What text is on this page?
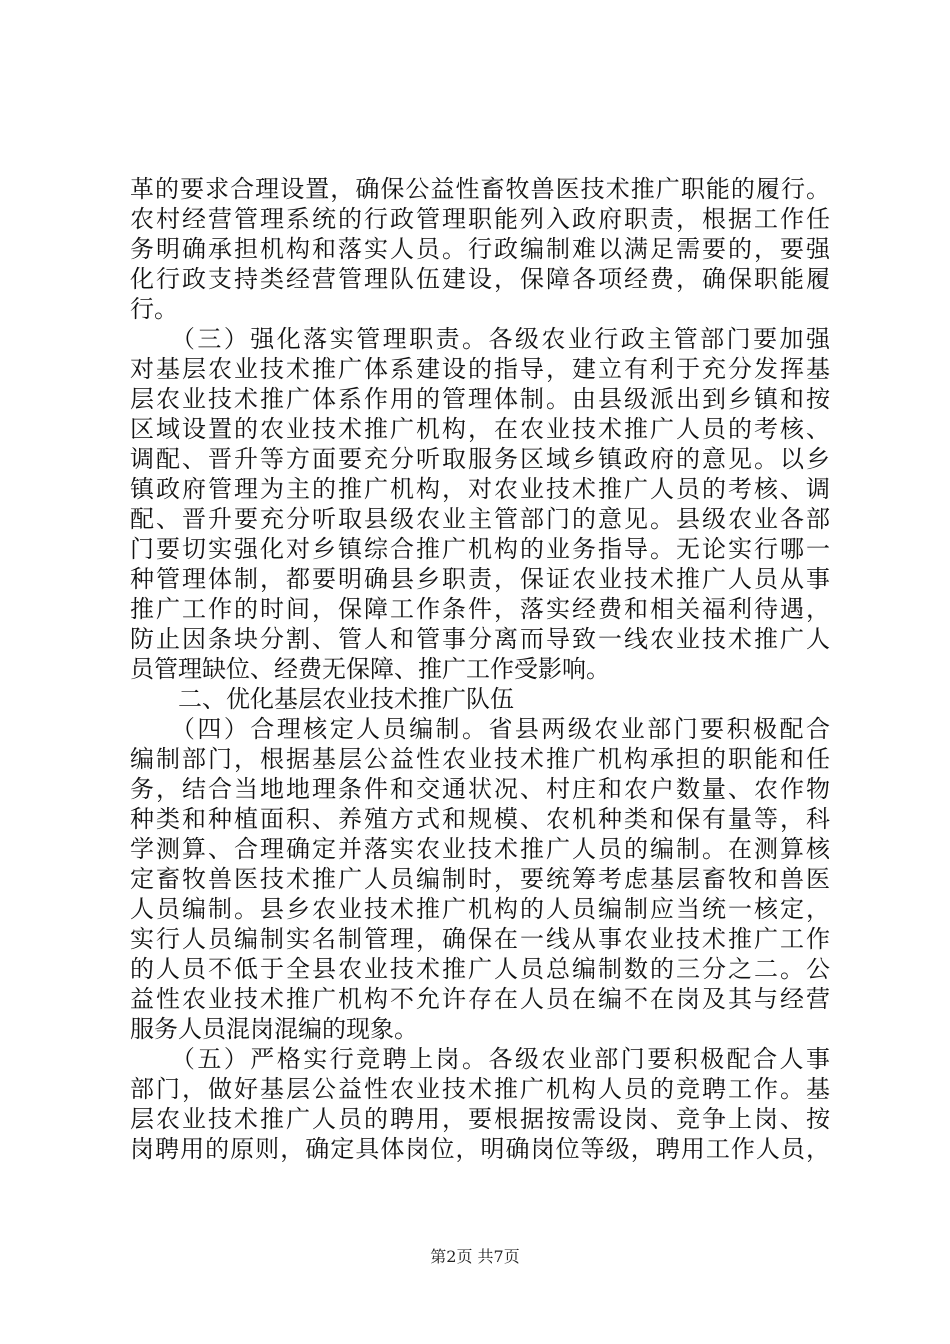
革的要求合理设置，确保公益性畜牧兽医技术推广职能的履行。
农村经营管理系统的行政管理职能列入政府职责，根据工作任
务明确承担机构和落实人员。行政编制难以满足需要的，要强
化行政支持类经营管理队伍建设，保障各项经费，确保职能履
行。
　　（三）强化落实管理职责。各级农业行政主管部门要加强
对基层农业技术推广体系建设的指导，建立有利于充分发挥基
层农业技术推广体系作用的管理体制。由县级派出到乡镇和按
区域设置的农业技术推广机构，在农业技术推广人员的考核、
调配、晋升等方面要充分听取服务区域乡镇政府的意见。以乡
镇政府管理为主的推广机构，对农业技术推广人员的考核、调
配、晋升要充分听取县级农业主管部门的意见。县级农业各部
门要切实强化对乡镇综合推广机构的业务指导。无论实行哪一
种管理体制，都要明确县乡职责，保证农业技术推广人员从事
推广工作的时间，保障工作条件，落实经费和相关福利待遇，
防止因条块分割、管人和管事分离而导致一线农业技术推广人
员管理缺位、经费无保障、推广工作受影响。
　　二、优化基层农业技术推广队伍
　　（四）合理核定人员编制。省县两级农业部门要积极配合
编制部门，根据基层公益性农业技术推广机构承担的职能和任
务，结合当地地理条件和交通状况、村庄和农户数量、农作物
种类和种植面积、养殖方式和规模、农机种类和保有量等，科
学测算、合理确定并落实农业技术推广人员的编制。在测算核
定畜牧兽医技术推广人员编制时，要统筹考虑基层畜牧和兽医
人员编制。县乡农业技术推广机构的人员编制应当统一核定，
实行人员编制实名制管理，确保在一线从事农业技术推广工作
的人员不低于全县农业技术推广人员总编制数的三分之二。公
益性农业技术推广机构不允许存在人员在编不在岗及其与经营
服务人员混岗混编的现象。
　　（五）严格实行竞聘上岗。各级农业部门要积极配合人事
部门，做好基层公益性农业技术推广机构人员的竞聘工作。基
层农业技术推广人员的聘用，要根据按需设岗、竞争上岗、按
岗聘用的原则，确定具体岗位，明确岗位等级，聘用工作人员，
第2页 共7页
